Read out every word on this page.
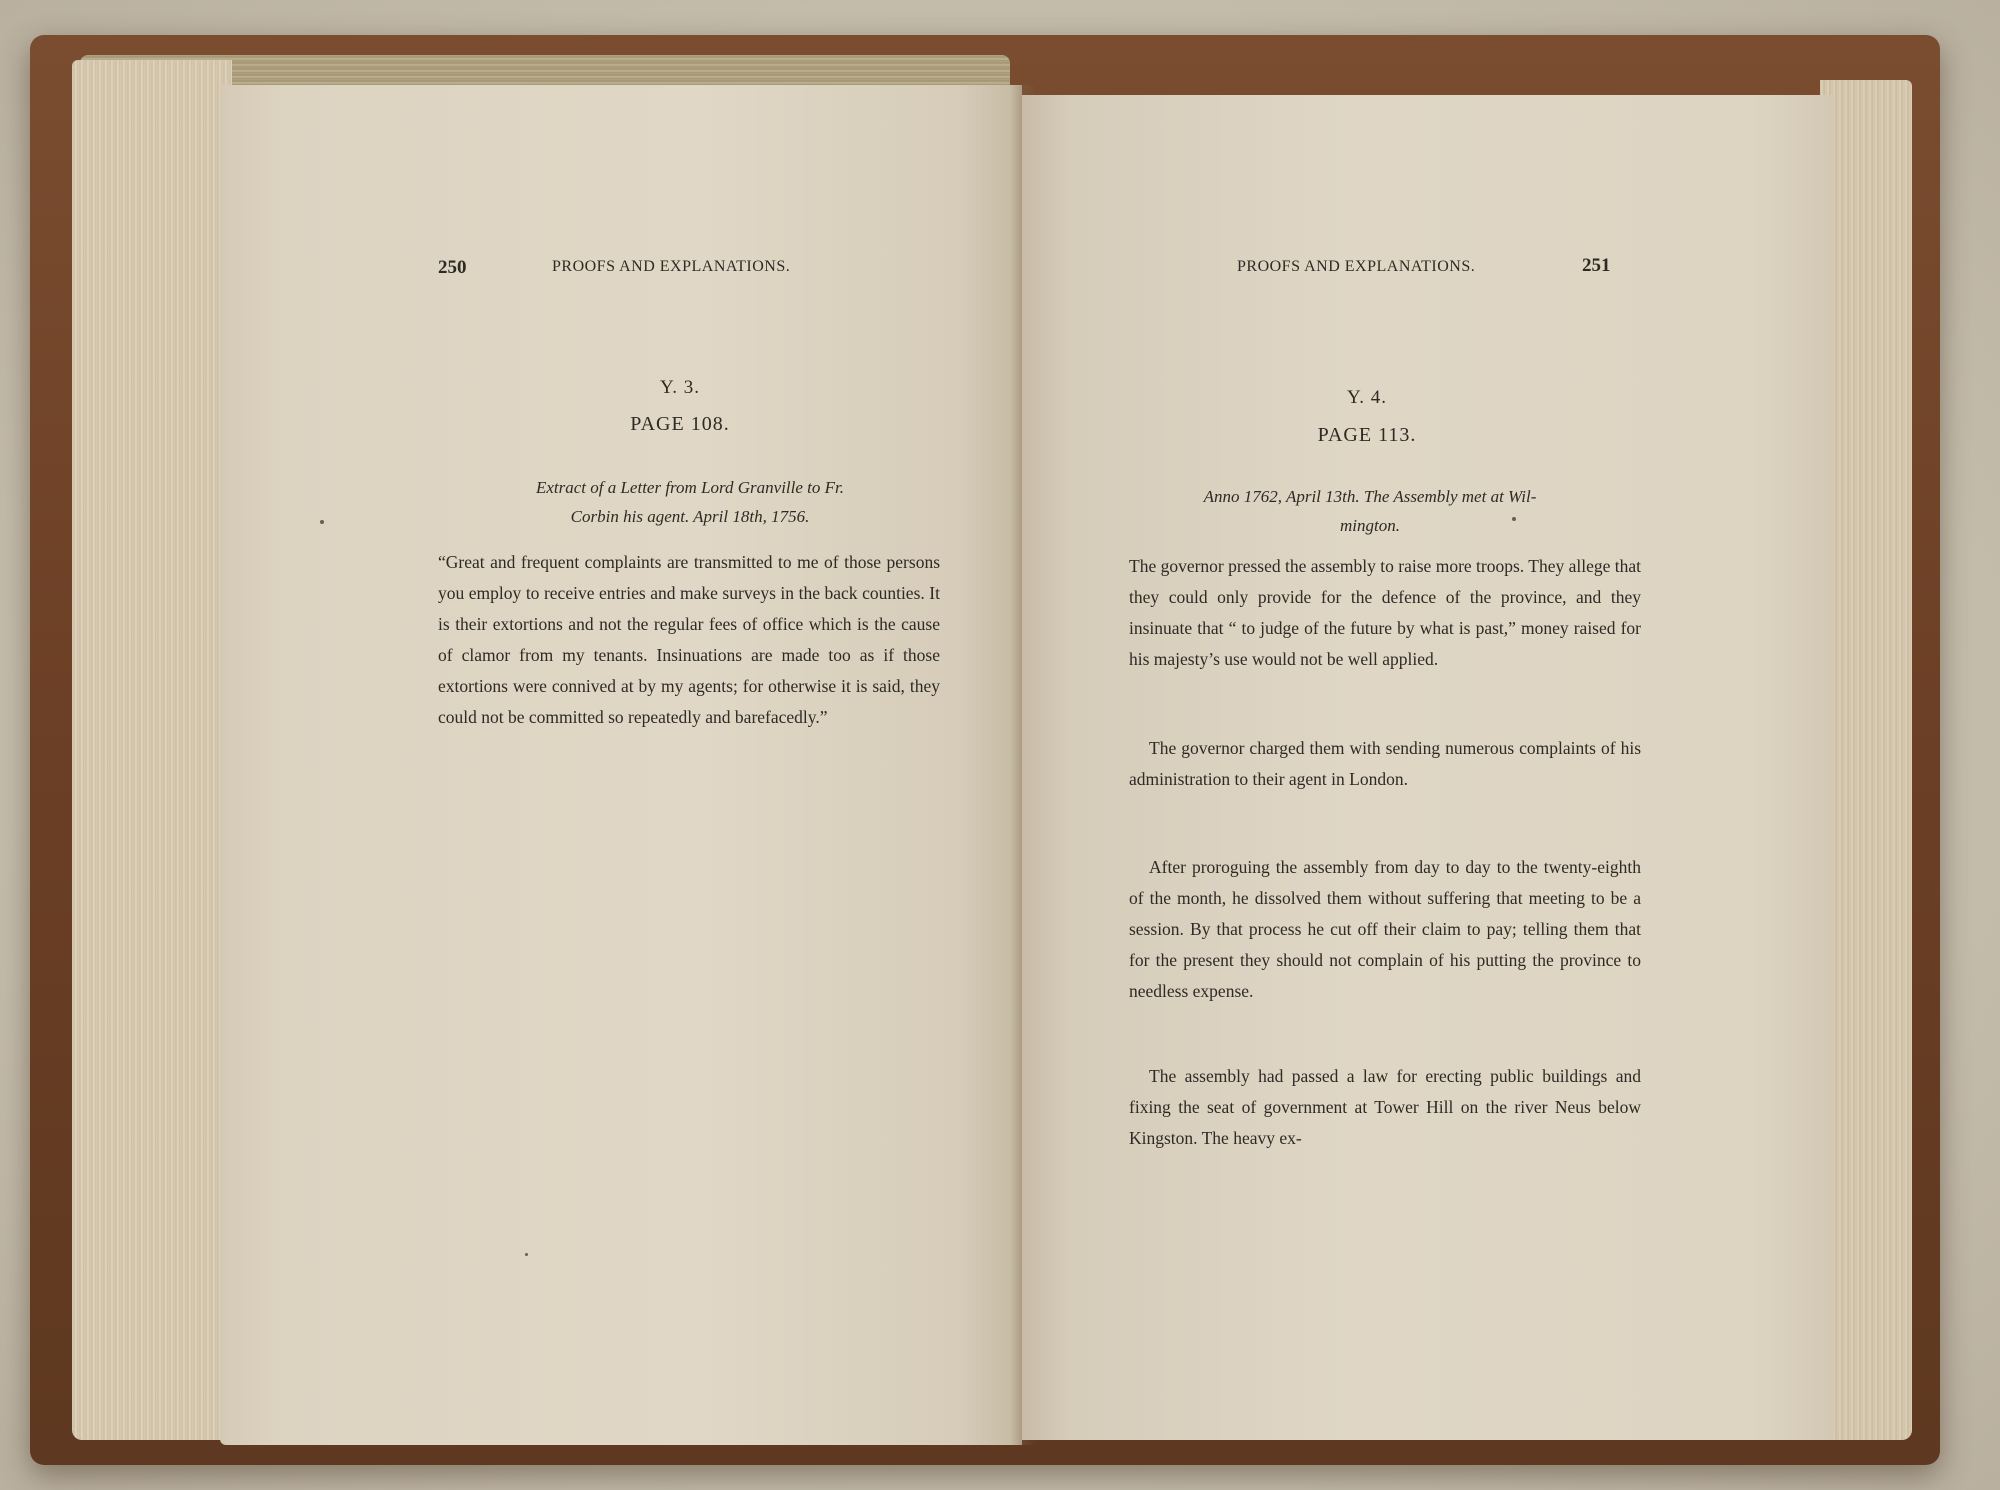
250	PROOFS AND EXPLANATIONS.

Y. 3.

PAGE 108.

Extract of a Letter from Lord Granville to Fr.

Corbin his agent. April 18th, 1756.

“Great and frequent complaints are transmitted to me of those persons you employ to receive entries and make surveys in the back counties. It is their extortions and not the regular fees of office which is the cause of clamor from my tenants. Insinuations are made too as if those extortions were connived at by my agents; for otherwise it is said, they could not be committed so repeatedly and barefacedly.”

PROOFS AND EXPLANATIONS.	251

Y. 4.

PAGE 113.

Anno 1762, April 13th. The Assembly met at Wil-

mington.

The governor pressed the assembly to raise more troops. They allege that they could only provide for the defence of the province, and they insinuate that “ to judge of the future by what is past,” money raised for his majesty’s use would not be well applied.

The governor charged them with sending numerous complaints of his administration to their agent in London.

After proroguing the assembly from day to day to the twenty-eighth of the month, he dissolved them without suffering that meeting to be a session. By that process he cut off their claim to pay; telling them that for the present they should not complain of his putting the province to needless expense.

The assembly had passed a law for erecting public buildings and fixing the seat of government at Tower Hill on the river Neus below Kingston. The heavy ex-
